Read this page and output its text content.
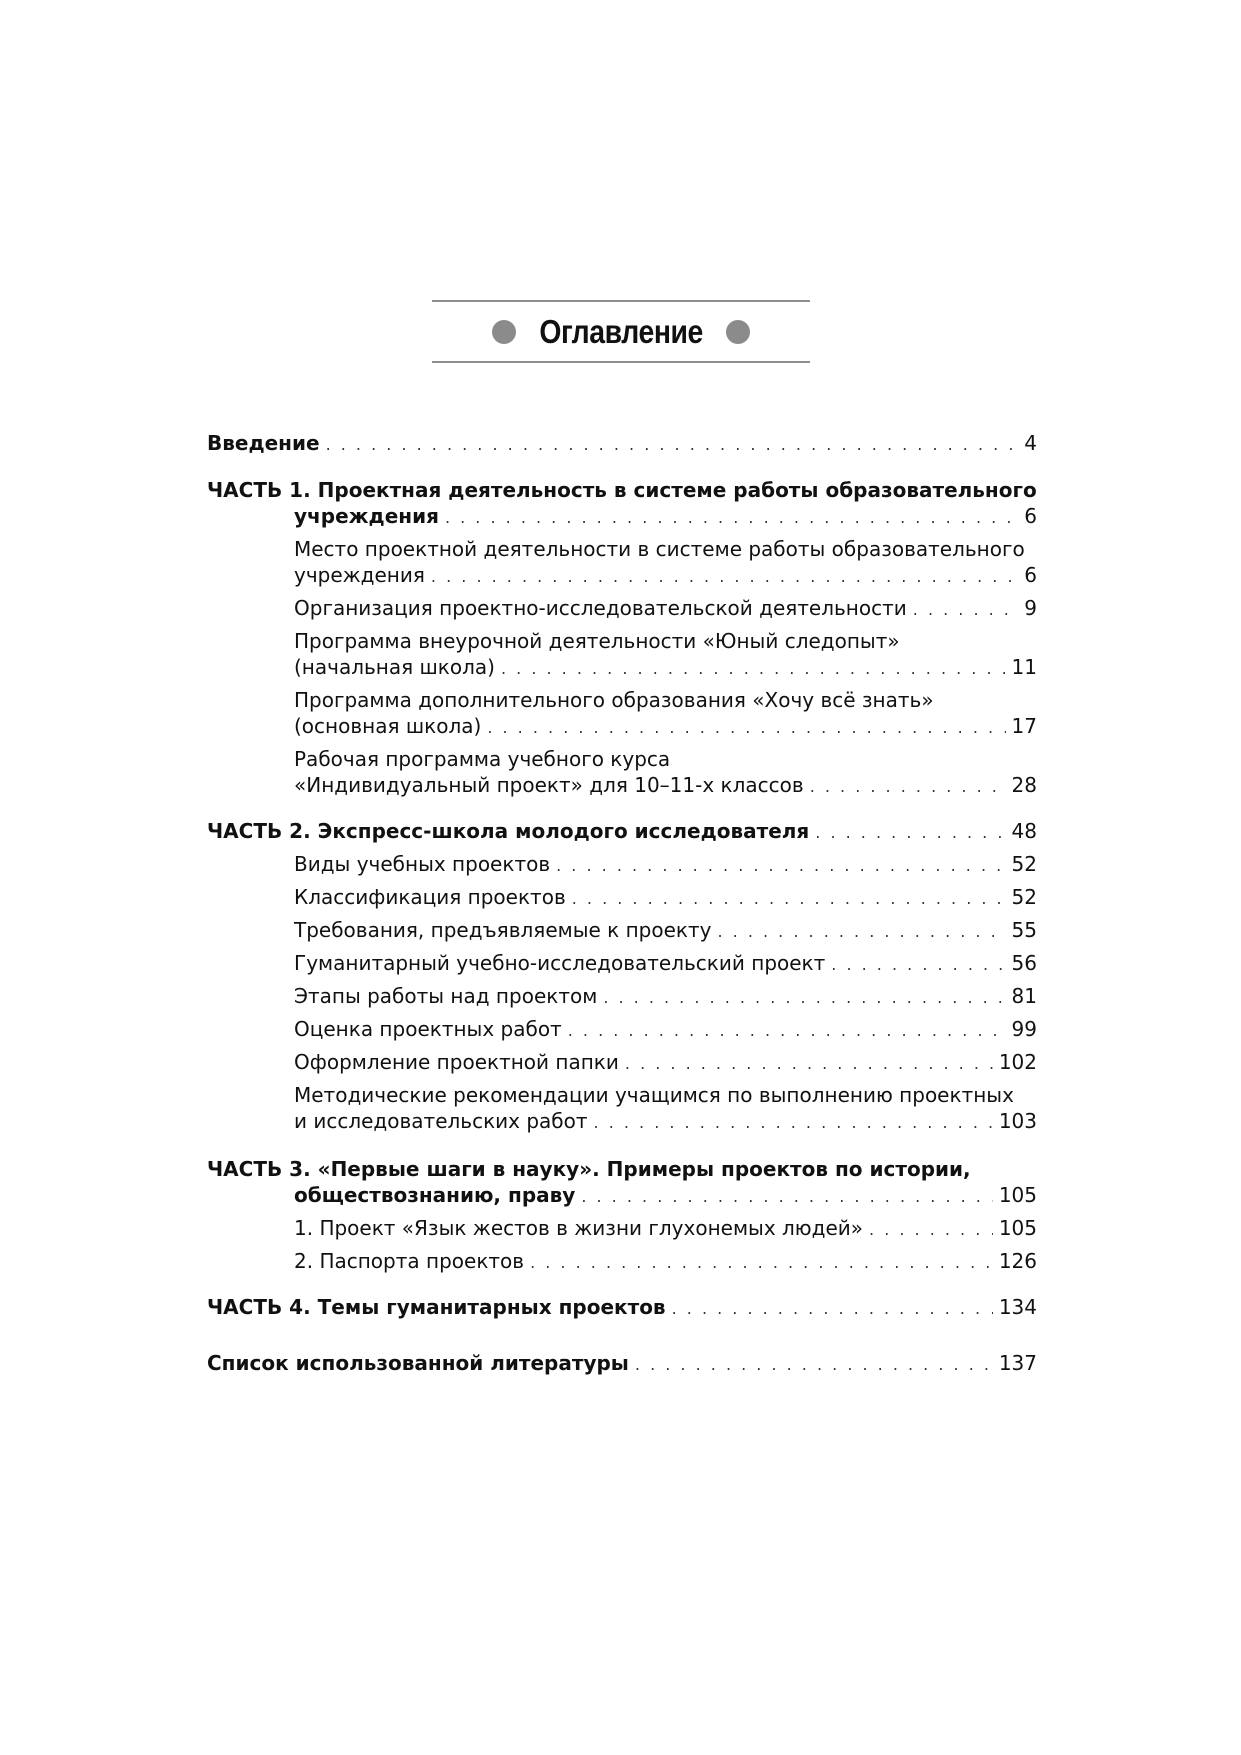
Оглавление
Введение . . .	4
ЧАСТЬ 1. Проектная деятельность в системе работы образовательного
учреждения . . .	6
Место проектной деятельности в системе работы образовательного
учреждения . . .	6
Организация проектно-исследовательской деятельности . . .	9
Программа внеурочной деятельности «Юный следопыт»
(начальная школа) . . .	11
Программа дополнительного образования «Хочу всё знать»
(основная школа) . . .	17
Рабочая программа учебного курса
«Индивидуальный проект» для 10–11-х классов . . .	28
ЧАСТЬ 2. Экспресс-школа молодого исследователя . . .	48
Виды учебных проектов . . .	52
Классификация проектов . . .	52
Требования, предъявляемые к проекту . . .	55
Гуманитарный учебно-исследовательский проект . . .	56
Этапы работы над проектом . . .	81
Оценка проектных работ . . .	99
Оформление проектной папки . . .	102
Методические рекомендации учащимся по выполнению проектных
и исследовательских работ . . .	103
ЧАСТЬ 3. «Первые шаги в науку». Примеры проектов по истории,
обществознанию, праву . . .	105
1. Проект «Язык жестов в жизни глухонемых людей» . . .	105
2. Паспорта проектов . . .	126
ЧАСТЬ 4. Темы гуманитарных проектов . . .	134
Список использованной литературы . . .	137
